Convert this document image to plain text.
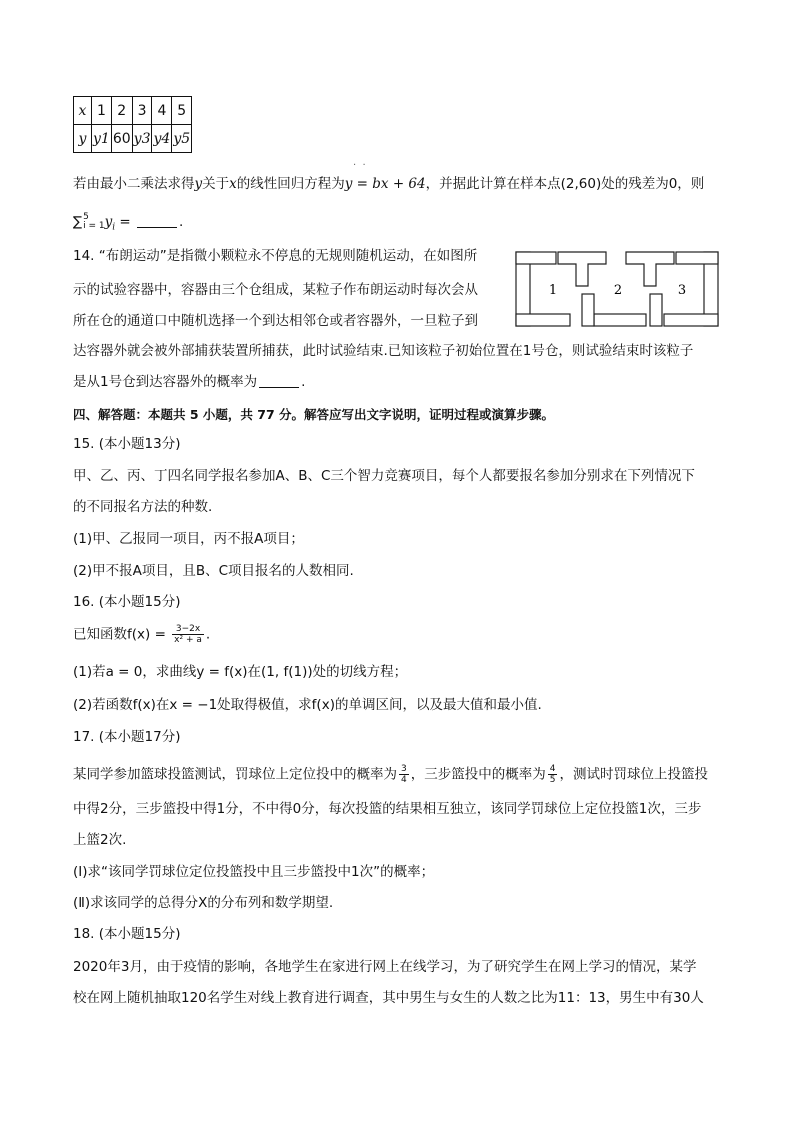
x	1	2	3	4	5
y	y1	60	y3	y4	y5
·  ·
若由最小二乘法求得y关于x的线性回归方程为y = bx + 64，并据此计算在样本点(2,60)处的残差为0，则
∑ 5
i = 1 $y_i$ =	.
14. “布朗运动”是指微小颗粒永不停息的无规则随机运动，在如图所
示的试验容器中，容器由三个仓组成，某粒子作布朗运动时每次会从
所在仓的通道口中随机选择一个到达相邻仓或者容器外，一旦粒子到
达容器外就会被外部捕获装置所捕获，此时试验结束.已知该粒子初始位置在1号仓，则试验结束时该粒子
是从1号仓到达容器外的概率为	.
1	2	3
四、解答题：本题共 5 小题，共 77 分。解答应写出文字说明，证明过程或演算步骤。
15. (本小题13分)
甲、乙、丙、丁四名同学报名参加A、B、C三个智力竞赛项目，每个人都要报名参加分别求在下列情况下
的不同报名方法的种数.
(1)甲、乙报同一项目，丙不报A项目；
(2)甲不报A项目，且B、C项目报名的人数相同.
16. (本小题15分)
已知函数$f(x) = \frac{3-2x}{\text{x² + a}}$ .
(1)若a = 0，求曲线y = f(x)在(1, f(1))处的切线方程；
(2)若函数f(x)在x = −1处取得极值，求f(x)的单调区间，以及最大值和最小值.
17. (本小题17分)
某同学参加篮球投篮测试，罚球位上定位投中的概率为 $\frac{3}{4}$ ，三步篮投中的概率为 $\frac{4}{5}$ ，测试时罚球位上投篮投
中得2分，三步篮投中得1分，不中得0分，每次投篮的结果相互独立，该同学罚球位上定位投篮1次，三步
上篮2次.
(Ⅰ)求“该同学罚球位定位投篮投中且三步篮投中1次”的概率；
(Ⅱ)求该同学的总得分X的分布列和数学期望.
18. (本小题15分)
2020年3月，由于疫情的影响，各地学生在家进行网上在线学习，为了研究学生在网上学习的情况，某学
校在网上随机抽取120名学生对线上教育进行调查，其中男生与女生的人数之比为11：13，男生中有30人
